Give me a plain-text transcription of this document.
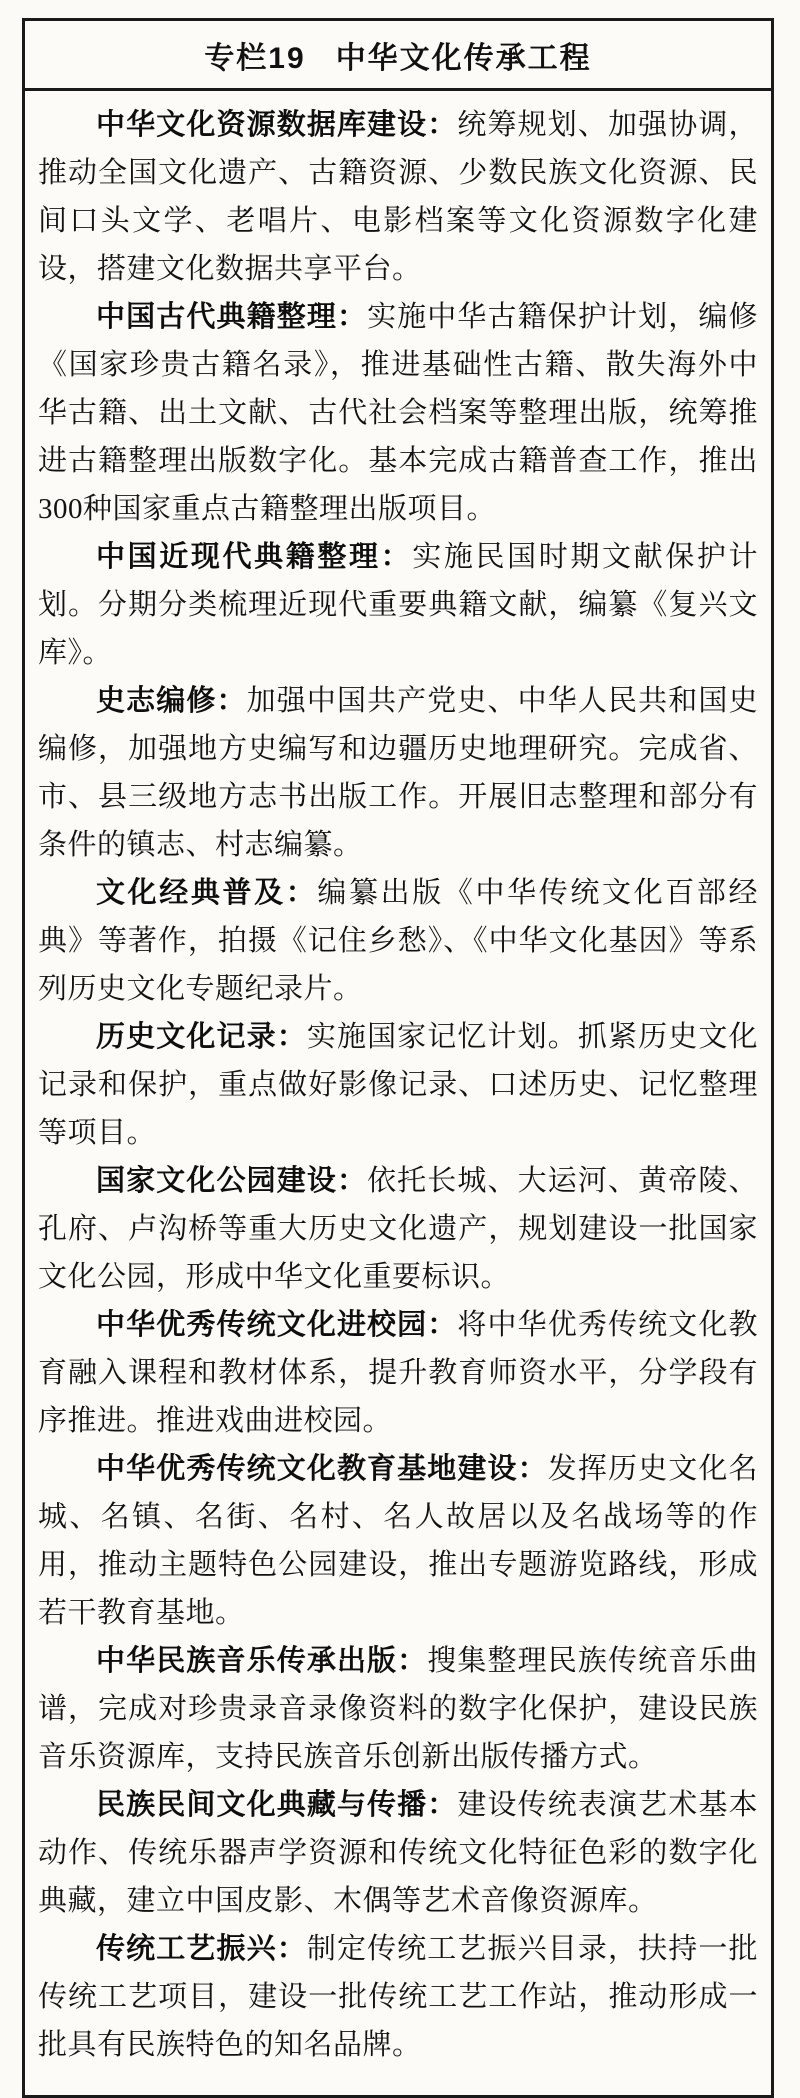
专栏19 中华文化传承工程

中华文化资源数据库建设：统筹规划、加强协调，推动全国文化遗产、古籍资源、少数民族文化资源、民间口头文学、老唱片、电影档案等文化资源数字化建设，搭建文化数据共享平台。

中国古代典籍整理：实施中华古籍保护计划，编修《国家珍贵古籍名录》，推进基础性古籍、散失海外中华古籍、出土文献、古代社会档案等整理出版，统筹推进古籍整理出版数字化。基本完成古籍普查工作，推出300种国家重点古籍整理出版项目。

中国近现代典籍整理：实施民国时期文献保护计划。分期分类梳理近现代重要典籍文献，编纂《复兴文库》。

史志编修：加强中国共产党史、中华人民共和国史编修，加强地方史编写和边疆历史地理研究。完成省、市、县三级地方志书出版工作。开展旧志整理和部分有条件的镇志、村志编纂。

文化经典普及：编纂出版《中华传统文化百部经典》等著作，拍摄《记住乡愁》、《中华文化基因》等系列历史文化专题纪录片。

历史文化记录：实施国家记忆计划。抓紧历史文化记录和保护，重点做好影像记录、口述历史、记忆整理等项目。

国家文化公园建设：依托长城、大运河、黄帝陵、孔府、卢沟桥等重大历史文化遗产，规划建设一批国家文化公园，形成中华文化重要标识。

中华优秀传统文化进校园：将中华优秀传统文化教育融入课程和教材体系，提升教育师资水平，分学段有序推进。推进戏曲进校园。

中华优秀传统文化教育基地建设：发挥历史文化名城、名镇、名街、名村、名人故居以及名战场等的作用，推动主题特色公园建设，推出专题游览路线，形成若干教育基地。

中华民族音乐传承出版：搜集整理民族传统音乐曲谱，完成对珍贵录音录像资料的数字化保护，建设民族音乐资源库，支持民族音乐创新出版传播方式。

民族民间文化典藏与传播：建设传统表演艺术基本动作、传统乐器声学资源和传统文化特征色彩的数字化典藏，建立中国皮影、木偶等艺术音像资源库。

传统工艺振兴：制定传统工艺振兴目录，扶持一批传统工艺项目，建设一批传统工艺工作站，推动形成一批具有民族特色的知名品牌。
